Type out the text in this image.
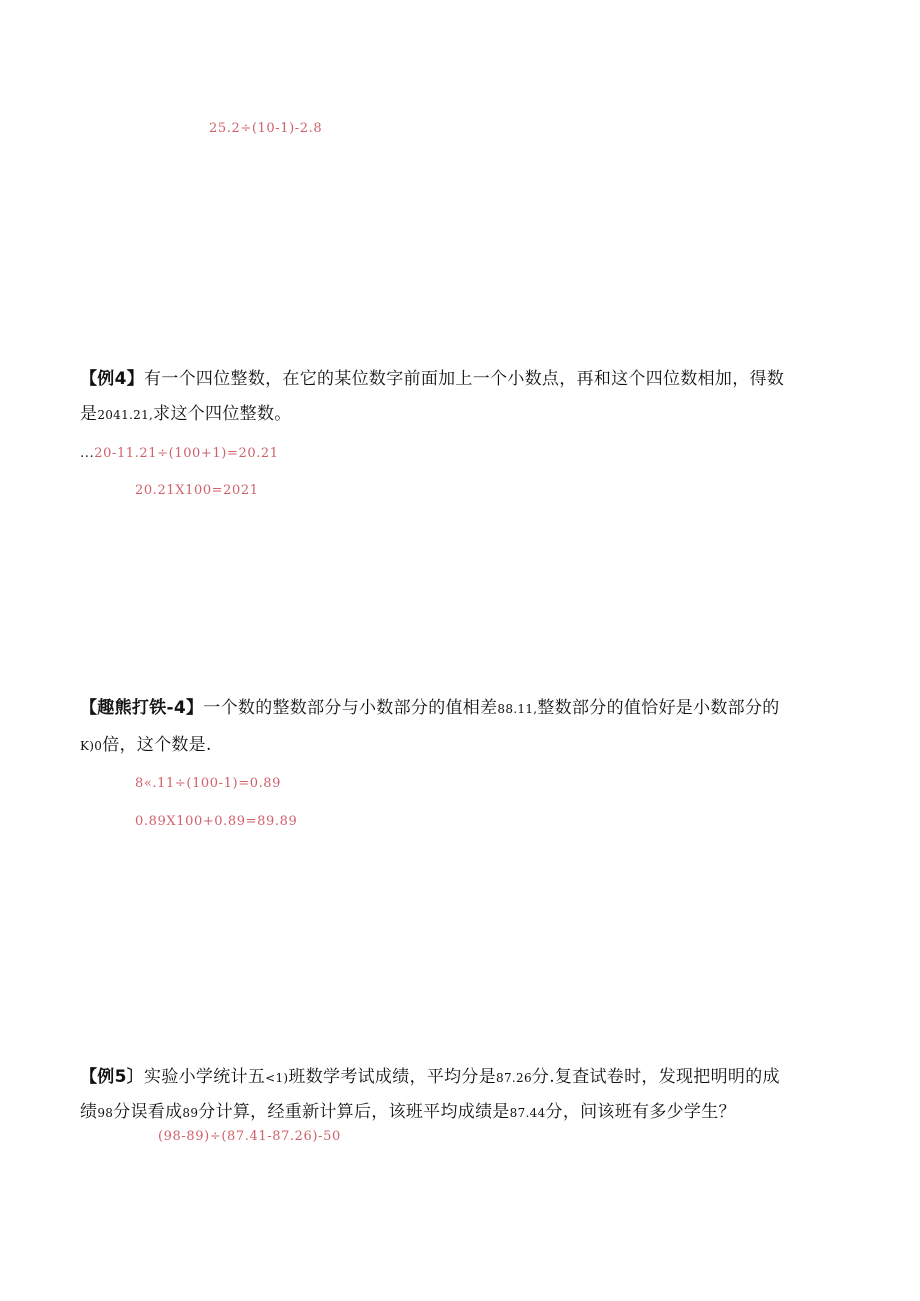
25.2÷(10-1)-2.8
【例4】有一个四位整数，在它的某位数字前面加上一个小数点，再和这个四位数相加，得数
是2041.21,求这个四位整数。
...20-11.21÷(100+1)=20.21
20.21X100=2021
【趣熊打铁-4】一个数的整数部分与小数部分的值相差88.11,整数部分的值恰好是小数部分的
K)0倍，这个数是.
8«.11÷(100-1)=0.89
0.89X100+0.89=89.89
【例5〕实验小学统计五<1)班数学考试成绩，平均分是87.26分.复査试卷时，发现把明明的成
绩98分误看成89分计算，经重新计算后，该班平均成绩是87.44分，问该班有多少学生？
(98-89)÷(87.41-87.26)-50
